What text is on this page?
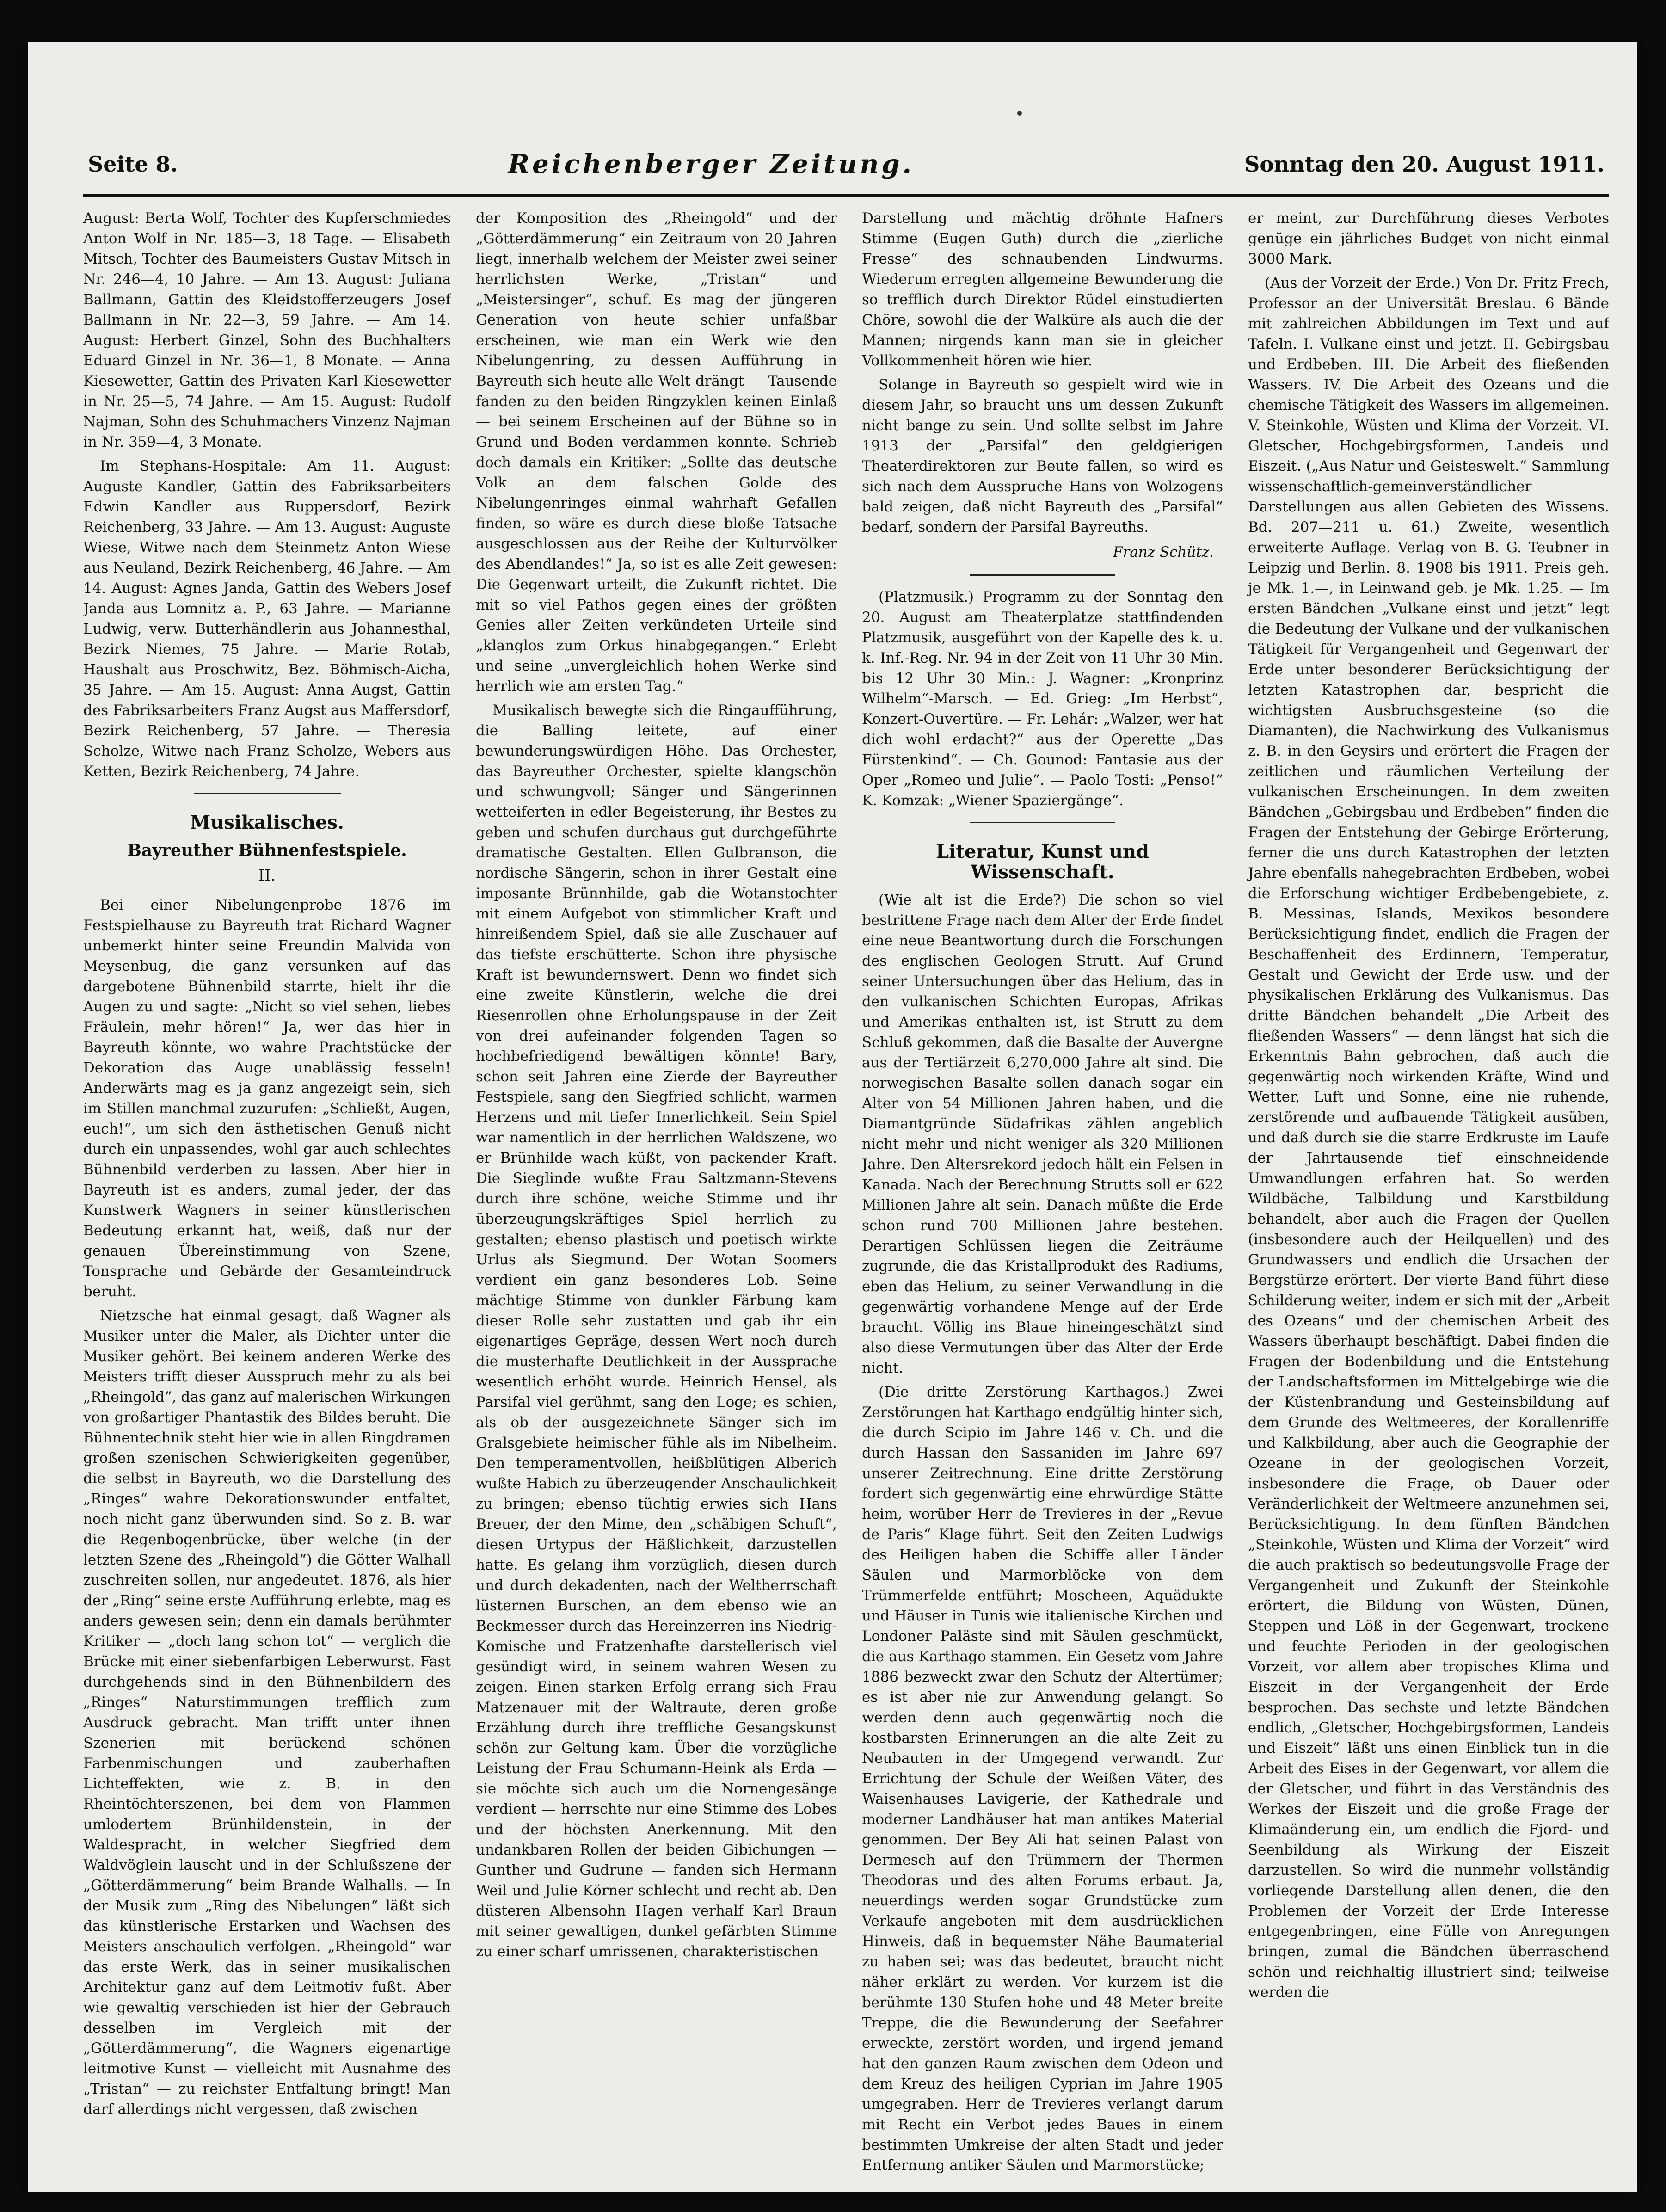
Seite 8.	Reichenberger Zeitung.	Sonntag den 20. August 1911.

August: Berta Wolf, Tochter des Kupferschmiedes Anton Wolf in Nr. 185—3, 18 Tage. — Elisabeth Mitsch, Tochter des Baumeisters Gustav Mitsch in Nr. 246—4, 10 Jahre. — Am 13. August: Juliana Ballmann, Gattin des Kleidstofferzeugers Josef Ballmann in Nr. 22—3, 59 Jahre. — Am 14. August: Herbert Ginzel, Sohn des Buchhalters Eduard Ginzel in Nr. 36—1, 8 Monate. — Anna Kiesewetter, Gattin des Privaten Karl Kiesewetter in Nr. 25—5, 74 Jahre. — Am 15. August: Rudolf Najman, Sohn des Schuhmachers Vinzenz Najman in Nr. 359—4, 3 Monate.

Im Stephans-Hospitale: Am 11. August: Auguste Kandler, Gattin des Fabriksarbeiters Edwin Kandler aus Ruppersdorf, Bezirk Reichenberg, 33 Jahre. — Am 13. August: Auguste Wiese, Witwe nach dem Steinmetz Anton Wiese aus Neuland, Bezirk Reichenberg, 46 Jahre. — Am 14. August: Agnes Janda, Gattin des Webers Josef Janda aus Lomnitz a. P., 63 Jahre. — Marianne Ludwig, verw. Butterhändlerin aus Johannesthal, Bezirk Niemes, 75 Jahre. — Marie Rotab, Haushalt aus Proschwitz, Bez. Böhmisch-Aicha, 35 Jahre. — Am 15. August: Anna Augst, Gattin des Fabriksarbeiters Franz Augst aus Maffersdorf, Bezirk Reichenberg, 57 Jahre. — Theresia Scholze, Witwe nach Franz Scholze, Webers aus Ketten, Bezirk Reichenberg, 74 Jahre.

Musikalisches.
Bayreuther Bühnenfestspiele.
II.

Bei einer Nibelungenprobe 1876 im Festspielhause zu Bayreuth trat Richard Wagner unbemerkt hinter seine Freundin Malvida von Meysenbug, die ganz versunken auf das dargebotene Bühnenbild starrte, hielt ihr die Augen zu und sagte: „Nicht so viel sehen, liebes Fräulein, mehr hören!“ Ja, wer das hier in Bayreuth könnte, wo wahre Prachtstücke der Dekoration das Auge unablässig fesseln! Anderwärts mag es ja ganz angezeigt sein, sich im Stillen manchmal zuzurufen: „Schließt, Augen, euch!“, um sich den ästhetischen Genuß nicht durch ein unpassendes, wohl gar auch schlechtes Bühnenbild verderben zu lassen. Aber hier in Bayreuth ist es anders, zumal jeder, der das Kunstwerk Wagners in seiner künstlerischen Bedeutung erkannt hat, weiß, daß nur der genauen Übereinstimmung von Szene, Tonsprache und Gebärde der Gesamteindruck beruht.

Nietzsche hat einmal gesagt, daß Wagner als Musiker unter die Maler, als Dichter unter die Musiker gehört. Bei keinem anderen Werke des Meisters trifft dieser Ausspruch mehr zu als bei „Rheingold“, das ganz auf malerischen Wirkungen von großartiger Phantastik des Bildes beruht. Die Bühnentechnik steht hier wie in allen Ringdramen großen szenischen Schwierigkeiten gegenüber, die selbst in Bayreuth, wo die Darstellung des „Ringes“ wahre Dekorationswunder entfaltet, noch nicht ganz überwunden sind. So z. B. war die Regenbogenbrücke, über welche (in der letzten Szene des „Rheingold“) die Götter Walhall zuschreiten sollen, nur angedeutet. 1876, als hier der „Ring“ seine erste Aufführung erlebte, mag es anders gewesen sein; denn ein damals berühmter Kritiker — „doch lang schon tot“ — verglich die Brücke mit einer siebenfarbigen Leberwurst. Fast durchgehends sind in den Bühnenbildern des „Ringes“ Naturstimmungen trefflich zum Ausdruck gebracht. Man trifft unter ihnen Szenerien mit berückend schönen Farbenmischungen und zauberhaften Lichteffekten, wie z. B. in den Rheintöchterszenen, bei dem von Flammen umlodertem Brünhildenstein, in der Waldespracht, in welcher Siegfried dem Waldvöglein lauscht und in der Schlußszene der „Götterdämmerung“ beim Brande Walhalls. — In der Musik zum „Ring des Nibelungen“ läßt sich das künstlerische Erstarken und Wachsen des Meisters anschaulich verfolgen. „Rheingold“ war das erste Werk, das in seiner musikalischen Architektur ganz auf dem Leitmotiv fußt. Aber wie gewaltig verschieden ist hier der Gebrauch desselben im Vergleich mit der „Götterdämmerung“, die Wagners eigenartige leitmotive Kunst — vielleicht mit Ausnahme des „Tristan“ — zu reichster Entfaltung bringt! Man darf allerdings nicht vergessen, daß zwischen

der Komposition des „Rheingold“ und der „Götterdämmerung“ ein Zeitraum von 20 Jahren liegt, innerhalb welchem der Meister zwei seiner herrlichsten Werke, „Tristan“ und „Meistersinger“, schuf. Es mag der jüngeren Generation von heute schier unfaßbar erscheinen, wie man ein Werk wie den Nibelungenring, zu dessen Aufführung in Bayreuth sich heute alle Welt drängt — Tausende fanden zu den beiden Ringzyklen keinen Einlaß — bei seinem Erscheinen auf der Bühne so in Grund und Boden verdammen konnte. Schrieb doch damals ein Kritiker: „Sollte das deutsche Volk an dem falschen Golde des Nibelungenringes einmal wahrhaft Gefallen finden, so wäre es durch diese bloße Tatsache ausgeschlossen aus der Reihe der Kulturvölker des Abendlandes!“ Ja, so ist es alle Zeit gewesen: Die Gegenwart urteilt, die Zukunft richtet. Die mit so viel Pathos gegen eines der größten Genies aller Zeiten verkündeten Urteile sind „klanglos zum Orkus hinabgegangen.“ Erlebt und seine „unvergleichlich hohen Werke sind herrlich wie am ersten Tag.“

Musikalisch bewegte sich die Ringaufführung, die Balling leitete, auf einer bewunderungswürdigen Höhe. Das Orchester, das Bayreuther Orchester, spielte klangschön und schwungvoll; Sänger und Sängerinnen wetteiferten in edler Begeisterung, ihr Bestes zu geben und schufen durchaus gut durchgeführte dramatische Gestalten. Ellen Gulbranson, die nordische Sängerin, schon in ihrer Gestalt eine imposante Brünnhilde, gab die Wotanstochter mit einem Aufgebot von stimmlicher Kraft und hinreißendem Spiel, daß sie alle Zuschauer auf das tiefste erschütterte. Schon ihre physische Kraft ist bewundernswert. Denn wo findet sich eine zweite Künstlerin, welche die drei Riesenrollen ohne Erholungspause in der Zeit von drei aufeinander folgenden Tagen so hochbefriedigend bewältigen könnte! Bary, schon seit Jahren eine Zierde der Bayreuther Festspiele, sang den Siegfried schlicht, warmen Herzens und mit tiefer Innerlichkeit. Sein Spiel war namentlich in der herrlichen Waldszene, wo er Brünhilde wach küßt, von packender Kraft. Die Sieglinde wußte Frau Saltzmann-Stevens durch ihre schöne, weiche Stimme und ihr überzeugungskräftiges Spiel herrlich zu gestalten; ebenso plastisch und poetisch wirkte Urlus als Siegmund. Der Wotan Soomers verdient ein ganz besonderes Lob. Seine mächtige Stimme von dunkler Färbung kam dieser Rolle sehr zustatten und gab ihr ein eigenartiges Gepräge, dessen Wert noch durch die musterhafte Deutlichkeit in der Aussprache wesentlich erhöht wurde. Heinrich Hensel, als Parsifal viel gerühmt, sang den Loge; es schien, als ob der ausgezeichnete Sänger sich im Gralsgebiete heimischer fühle als im Nibelheim. Den temperamentvollen, heißblütigen Alberich wußte Habich zu überzeugender Anschaulichkeit zu bringen; ebenso tüchtig erwies sich Hans Breuer, der den Mime, den „schäbigen Schuft“, diesen Urtypus der Häßlichkeit, darzustellen hatte. Es gelang ihm vorzüglich, diesen durch und durch dekadenten, nach der Weltherrschaft lüsternen Burschen, an dem ebenso wie an Beckmesser durch das Hereinzerren ins Niedrig-Komische und Fratzenhafte darstellerisch viel gesündigt wird, in seinem wahren Wesen zu zeigen. Einen starken Erfolg errang sich Frau Matzenauer mit der Waltraute, deren große Erzählung durch ihre treffliche Gesangskunst schön zur Geltung kam. Über die vorzügliche Leistung der Frau Schumann-Heink als Erda — sie möchte sich auch um die Nornengesänge verdient — herrschte nur eine Stimme des Lobes und der höchsten Anerkennung. Mit den undankbaren Rollen der beiden Gibichungen — Gunther und Gudrune — fanden sich Hermann Weil und Julie Körner schlecht und recht ab. Den düsteren Albensohn Hagen verhalf Karl Braun mit seiner gewaltigen, dunkel gefärbten Stimme zu einer scharf umrissenen, charakteristischen

Darstellung und mächtig dröhnte Hafners Stimme (Eugen Guth) durch die „zierliche Fresse“ des schnaubenden Lindwurms. Wiederum erregten allgemeine Bewunderung die so trefflich durch Direktor Rüdel einstudierten Chöre, sowohl die der Walküre als auch die der Mannen; nirgends kann man sie in gleicher Vollkommenheit hören wie hier.

Solange in Bayreuth so gespielt wird wie in diesem Jahr, so braucht uns um dessen Zukunft nicht bange zu sein. Und sollte selbst im Jahre 1913 der „Parsifal“ den geldgierigen Theaterdirektoren zur Beute fallen, so wird es sich nach dem Ausspruche Hans von Wolzogens bald zeigen, daß nicht Bayreuth des „Parsifal“ bedarf, sondern der Parsifal Bayreuths.

Franz Schütz.

(Platzmusik.) Programm zu der Sonntag den 20. August am Theaterplatze stattfindenden Platzmusik, ausgeführt von der Kapelle des k. u. k. Inf.-Reg. Nr. 94 in der Zeit von 11 Uhr 30 Min. bis 12 Uhr 30 Min.: J. Wagner: „Kronprinz Wilhelm“-Marsch. — Ed. Grieg: „Im Herbst“, Konzert-Ouvertüre. — Fr. Lehár: „Walzer, wer hat dich wohl erdacht?“ aus der Operette „Das Fürstenkind“. — Ch. Gounod: Fantasie aus der Oper „Romeo und Julie“. — Paolo Tosti: „Penso!“ K. Komzak: „Wiener Spaziergänge“.

Literatur, Kunst und Wissenschaft.

(Wie alt ist die Erde?) Die schon so viel bestrittene Frage nach dem Alter der Erde findet eine neue Beantwortung durch die Forschungen des englischen Geologen Strutt. Auf Grund seiner Untersuchungen über das Helium, das in den vulkanischen Schichten Europas, Afrikas und Amerikas enthalten ist, ist Strutt zu dem Schluß gekommen, daß die Basalte der Auvergne aus der Tertiärzeit 6,270,000 Jahre alt sind. Die norwegischen Basalte sollen danach sogar ein Alter von 54 Millionen Jahren haben, und die Diamantgründe Südafrikas zählen angeblich nicht mehr und nicht weniger als 320 Millionen Jahre. Den Altersrekord jedoch hält ein Felsen in Kanada. Nach der Berechnung Strutts soll er 622 Millionen Jahre alt sein. Danach müßte die Erde schon rund 700 Millionen Jahre bestehen. Derartigen Schlüssen liegen die Zeiträume zugrunde, die das Kristallprodukt des Radiums, eben das Helium, zu seiner Verwandlung in die gegenwärtig vorhandene Menge auf der Erde braucht. Völlig ins Blaue hineingeschätzt sind also diese Vermutungen über das Alter der Erde nicht.

(Die dritte Zerstörung Karthagos.) Zwei Zerstörungen hat Karthago endgültig hinter sich, die durch Scipio im Jahre 146 v. Ch. und die durch Hassan den Sassaniden im Jahre 697 unserer Zeitrechnung. Eine dritte Zerstörung fordert sich gegenwärtig eine ehrwürdige Stätte heim, worüber Herr de Trevieres in der „Revue de Paris“ Klage führt. Seit den Zeiten Ludwigs des Heiligen haben die Schiffe aller Länder Säulen und Marmorblöcke von dem Trümmerfelde entführt; Moscheen, Aquädukte und Häuser in Tunis wie italienische Kirchen und Londoner Paläste sind mit Säulen geschmückt, die aus Karthago stammen. Ein Gesetz vom Jahre 1886 bezweckt zwar den Schutz der Altertümer; es ist aber nie zur Anwendung gelangt. So werden denn auch gegenwärtig noch die kostbarsten Erinnerungen an die alte Zeit zu Neubauten in der Umgegend verwandt. Zur Errichtung der Schule der Weißen Väter, des Waisenhauses Lavigerie, der Kathedrale und moderner Landhäuser hat man antikes Material genommen. Der Bey Ali hat seinen Palast von Dermesch auf den Trümmern der Thermen Theodoras und des alten Forums erbaut. Ja, neuerdings werden sogar Grundstücke zum Verkaufe angeboten mit dem ausdrücklichen Hinweis, daß in bequemster Nähe Baumaterial zu haben sei; was das bedeutet, braucht nicht näher erklärt zu werden. Vor kurzem ist die berühmte 130 Stufen hohe und 48 Meter breite Treppe, die die Bewunderung der Seefahrer erweckte, zerstört worden, und irgend jemand hat den ganzen Raum zwischen dem Odeon und dem Kreuz des heiligen Cyprian im Jahre 1905 umgegraben. Herr de Trevieres verlangt darum mit Recht ein Verbot jedes Baues in einem bestimmten Umkreise der alten Stadt und jeder Entfernung antiker Säulen und Marmorstücke;

er meint, zur Durchführung dieses Verbotes genüge ein jährliches Budget von nicht einmal 3000 Mark.

(Aus der Vorzeit der Erde.) Von Dr. Fritz Frech, Professor an der Universität Breslau. 6 Bände mit zahlreichen Abbildungen im Text und auf Tafeln. I. Vulkane einst und jetzt. II. Gebirgsbau und Erdbeben. III. Die Arbeit des fließenden Wassers. IV. Die Arbeit des Ozeans und die chemische Tätigkeit des Wassers im allgemeinen. V. Steinkohle, Wüsten und Klima der Vorzeit. VI. Gletscher, Hochgebirgsformen, Landeis und Eiszeit. („Aus Natur und Geisteswelt.“ Sammlung wissenschaftlich-gemeinverständlicher Darstellungen aus allen Gebieten des Wissens. Bd. 207—211 u. 61.) Zweite, wesentlich erweiterte Auflage. Verlag von B. G. Teubner in Leipzig und Berlin. 8. 1908 bis 1911. Preis geh. je Mk. 1.—, in Leinwand geb. je Mk. 1.25. — Im ersten Bändchen „Vulkane einst und jetzt“ legt die Bedeutung der Vulkane und der vulkanischen Tätigkeit für Vergangenheit und Gegenwart der Erde unter besonderer Berücksichtigung der letzten Katastrophen dar, bespricht die wichtigsten Ausbruchsgesteine (so die Diamanten), die Nachwirkung des Vulkanismus z. B. in den Geysirs und erörtert die Fragen der zeitlichen und räumlichen Verteilung der vulkanischen Erscheinungen. In dem zweiten Bändchen „Gebirgsbau und Erdbeben“ finden die Fragen der Entstehung der Gebirge Erörterung, ferner die uns durch Katastrophen der letzten Jahre ebenfalls nahegebrachten Erdbeben, wobei die Erforschung wichtiger Erdbebengebiete, z. B. Messinas, Islands, Mexikos besondere Berücksichtigung findet, endlich die Fragen der Beschaffenheit des Erdinnern, Temperatur, Gestalt und Gewicht der Erde usw. und der physikalischen Erklärung des Vulkanismus. Das dritte Bändchen behandelt „Die Arbeit des fließenden Wassers“ — denn längst hat sich die Erkenntnis Bahn gebrochen, daß auch die gegenwärtig noch wirkenden Kräfte, Wind und Wetter, Luft und Sonne, eine nie ruhende, zerstörende und aufbauende Tätigkeit ausüben, und daß durch sie die starre Erdkruste im Laufe der Jahrtausende tief einschneidende Umwandlungen erfahren hat. So werden Wildbäche, Talbildung und Karstbildung behandelt, aber auch die Fragen der Quellen (insbesondere auch der Heilquellen) und des Grundwassers und endlich die Ursachen der Bergstürze erörtert. Der vierte Band führt diese Schilderung weiter, indem er sich mit der „Arbeit des Ozeans“ und der chemischen Arbeit des Wassers überhaupt beschäftigt. Dabei finden die Fragen der Bodenbildung und die Entstehung der Landschaftsformen im Mittelgebirge wie die der Küstenbrandung und Gesteinsbildung auf dem Grunde des Weltmeeres, der Korallenriffe und Kalkbildung, aber auch die Geographie der Ozeane in der geologischen Vorzeit, insbesondere die Frage, ob Dauer oder Veränderlichkeit der Weltmeere anzunehmen sei, Berücksichtigung. In dem fünften Bändchen „Steinkohle, Wüsten und Klima der Vorzeit“ wird die auch praktisch so bedeutungsvolle Frage der Vergangenheit und Zukunft der Steinkohle erörtert, die Bildung von Wüsten, Dünen, Steppen und Löß in der Gegenwart, trockene und feuchte Perioden in der geologischen Vorzeit, vor allem aber tropisches Klima und Eiszeit in der Vergangenheit der Erde besprochen. Das sechste und letzte Bändchen endlich, „Gletscher, Hochgebirgsformen, Landeis und Eiszeit“ läßt uns einen Einblick tun in die Arbeit des Eises in der Gegenwart, vor allem die der Gletscher, und führt in das Verständnis des Werkes der Eiszeit und die große Frage der Klimaänderung ein, um endlich die Fjord- und Seenbildung als Wirkung der Eiszeit darzustellen. So wird die nunmehr vollständig vorliegende Darstellung allen denen, die den Problemen der Vorzeit der Erde Interesse entgegenbringen, eine Fülle von Anregungen bringen, zumal die Bändchen überraschend schön und reichhaltig illustriert sind; teilweise werden die
